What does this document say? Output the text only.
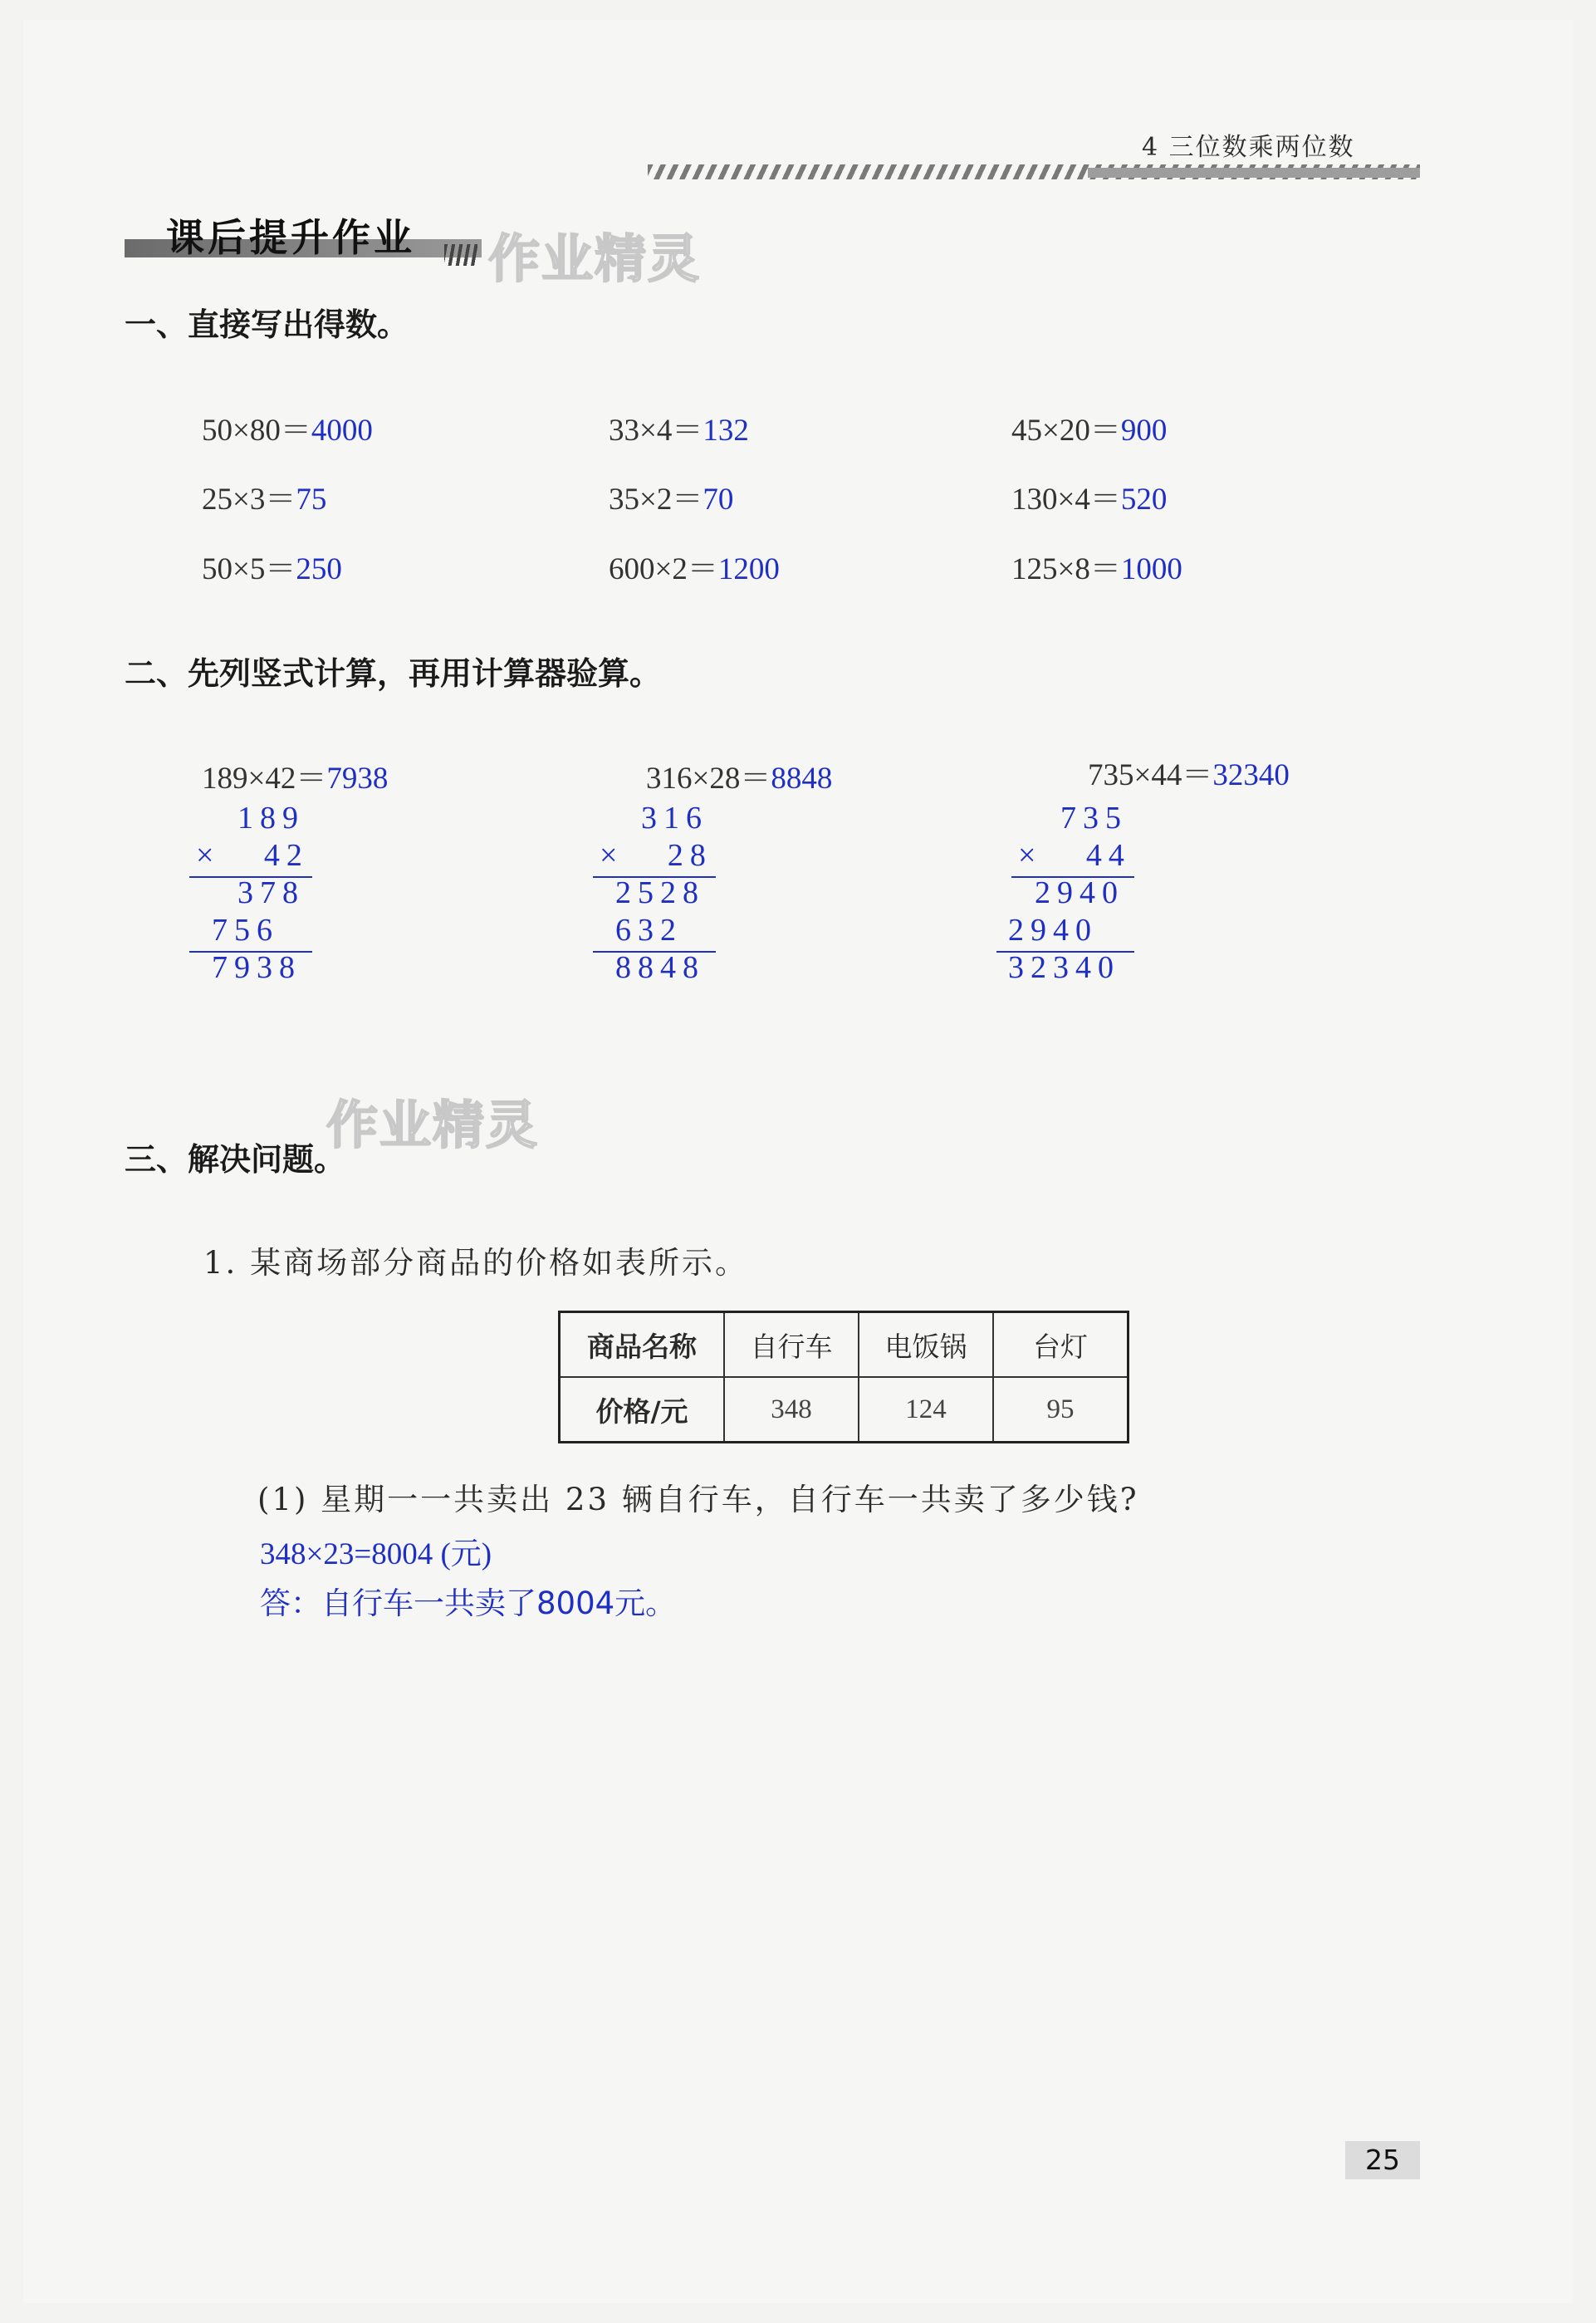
4 三位数乘两位数
课后提升作业 作业精灵
一、直接写出得数。
50×80＝4000	33×4＝132	45×20＝900
25×3＝75	35×2＝70	130×4＝520
50×5＝250	600×2＝1200	125×8＝1000
二、先列竖式计算，再用计算器验算。
189×42＝7938	316×28＝8848	735×44＝32340
189
×   42
378
756
7938
316
×   28
2528
632
8848
735
×   44
2940
2940
32340
作业精灵
三、解决问题。
1. 某商场部分商品的价格如表所示。
商品名称	自行车	电饭锅	台灯
价格/元	348	124	95
(1) 星期一一共卖出 23 辆自行车，自行车一共卖了多少钱?
348×23=8004 (元)
答：自行车一共卖了8004元。
25
